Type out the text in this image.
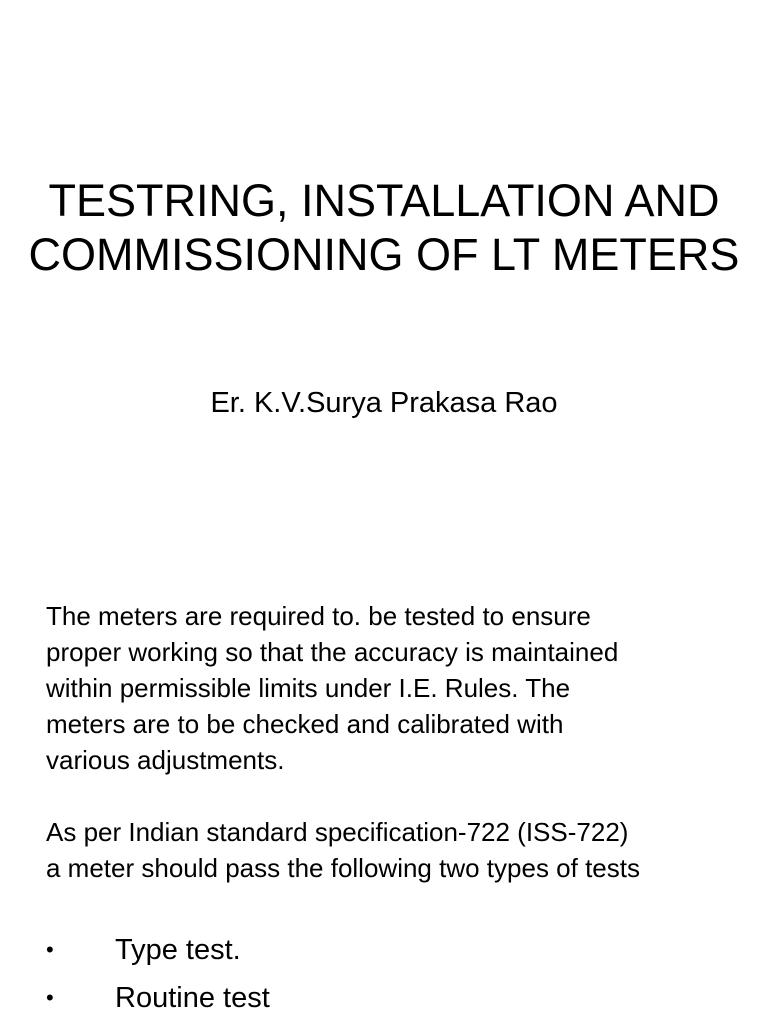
TESTRING, INSTALLATION AND
COMMISSIONING OF LT METERS

Er. K.V.Surya Prakasa Rao

The meters are required to. be tested to ensure
proper working so that the accuracy is maintained
within permissible limits under I.E. Rules. The
meters are to be checked and calibrated with
various adjustments.

As per Indian standard specification-722 (ISS-722)
a meter should pass the following two types of tests

• Type test.
• Routine test
